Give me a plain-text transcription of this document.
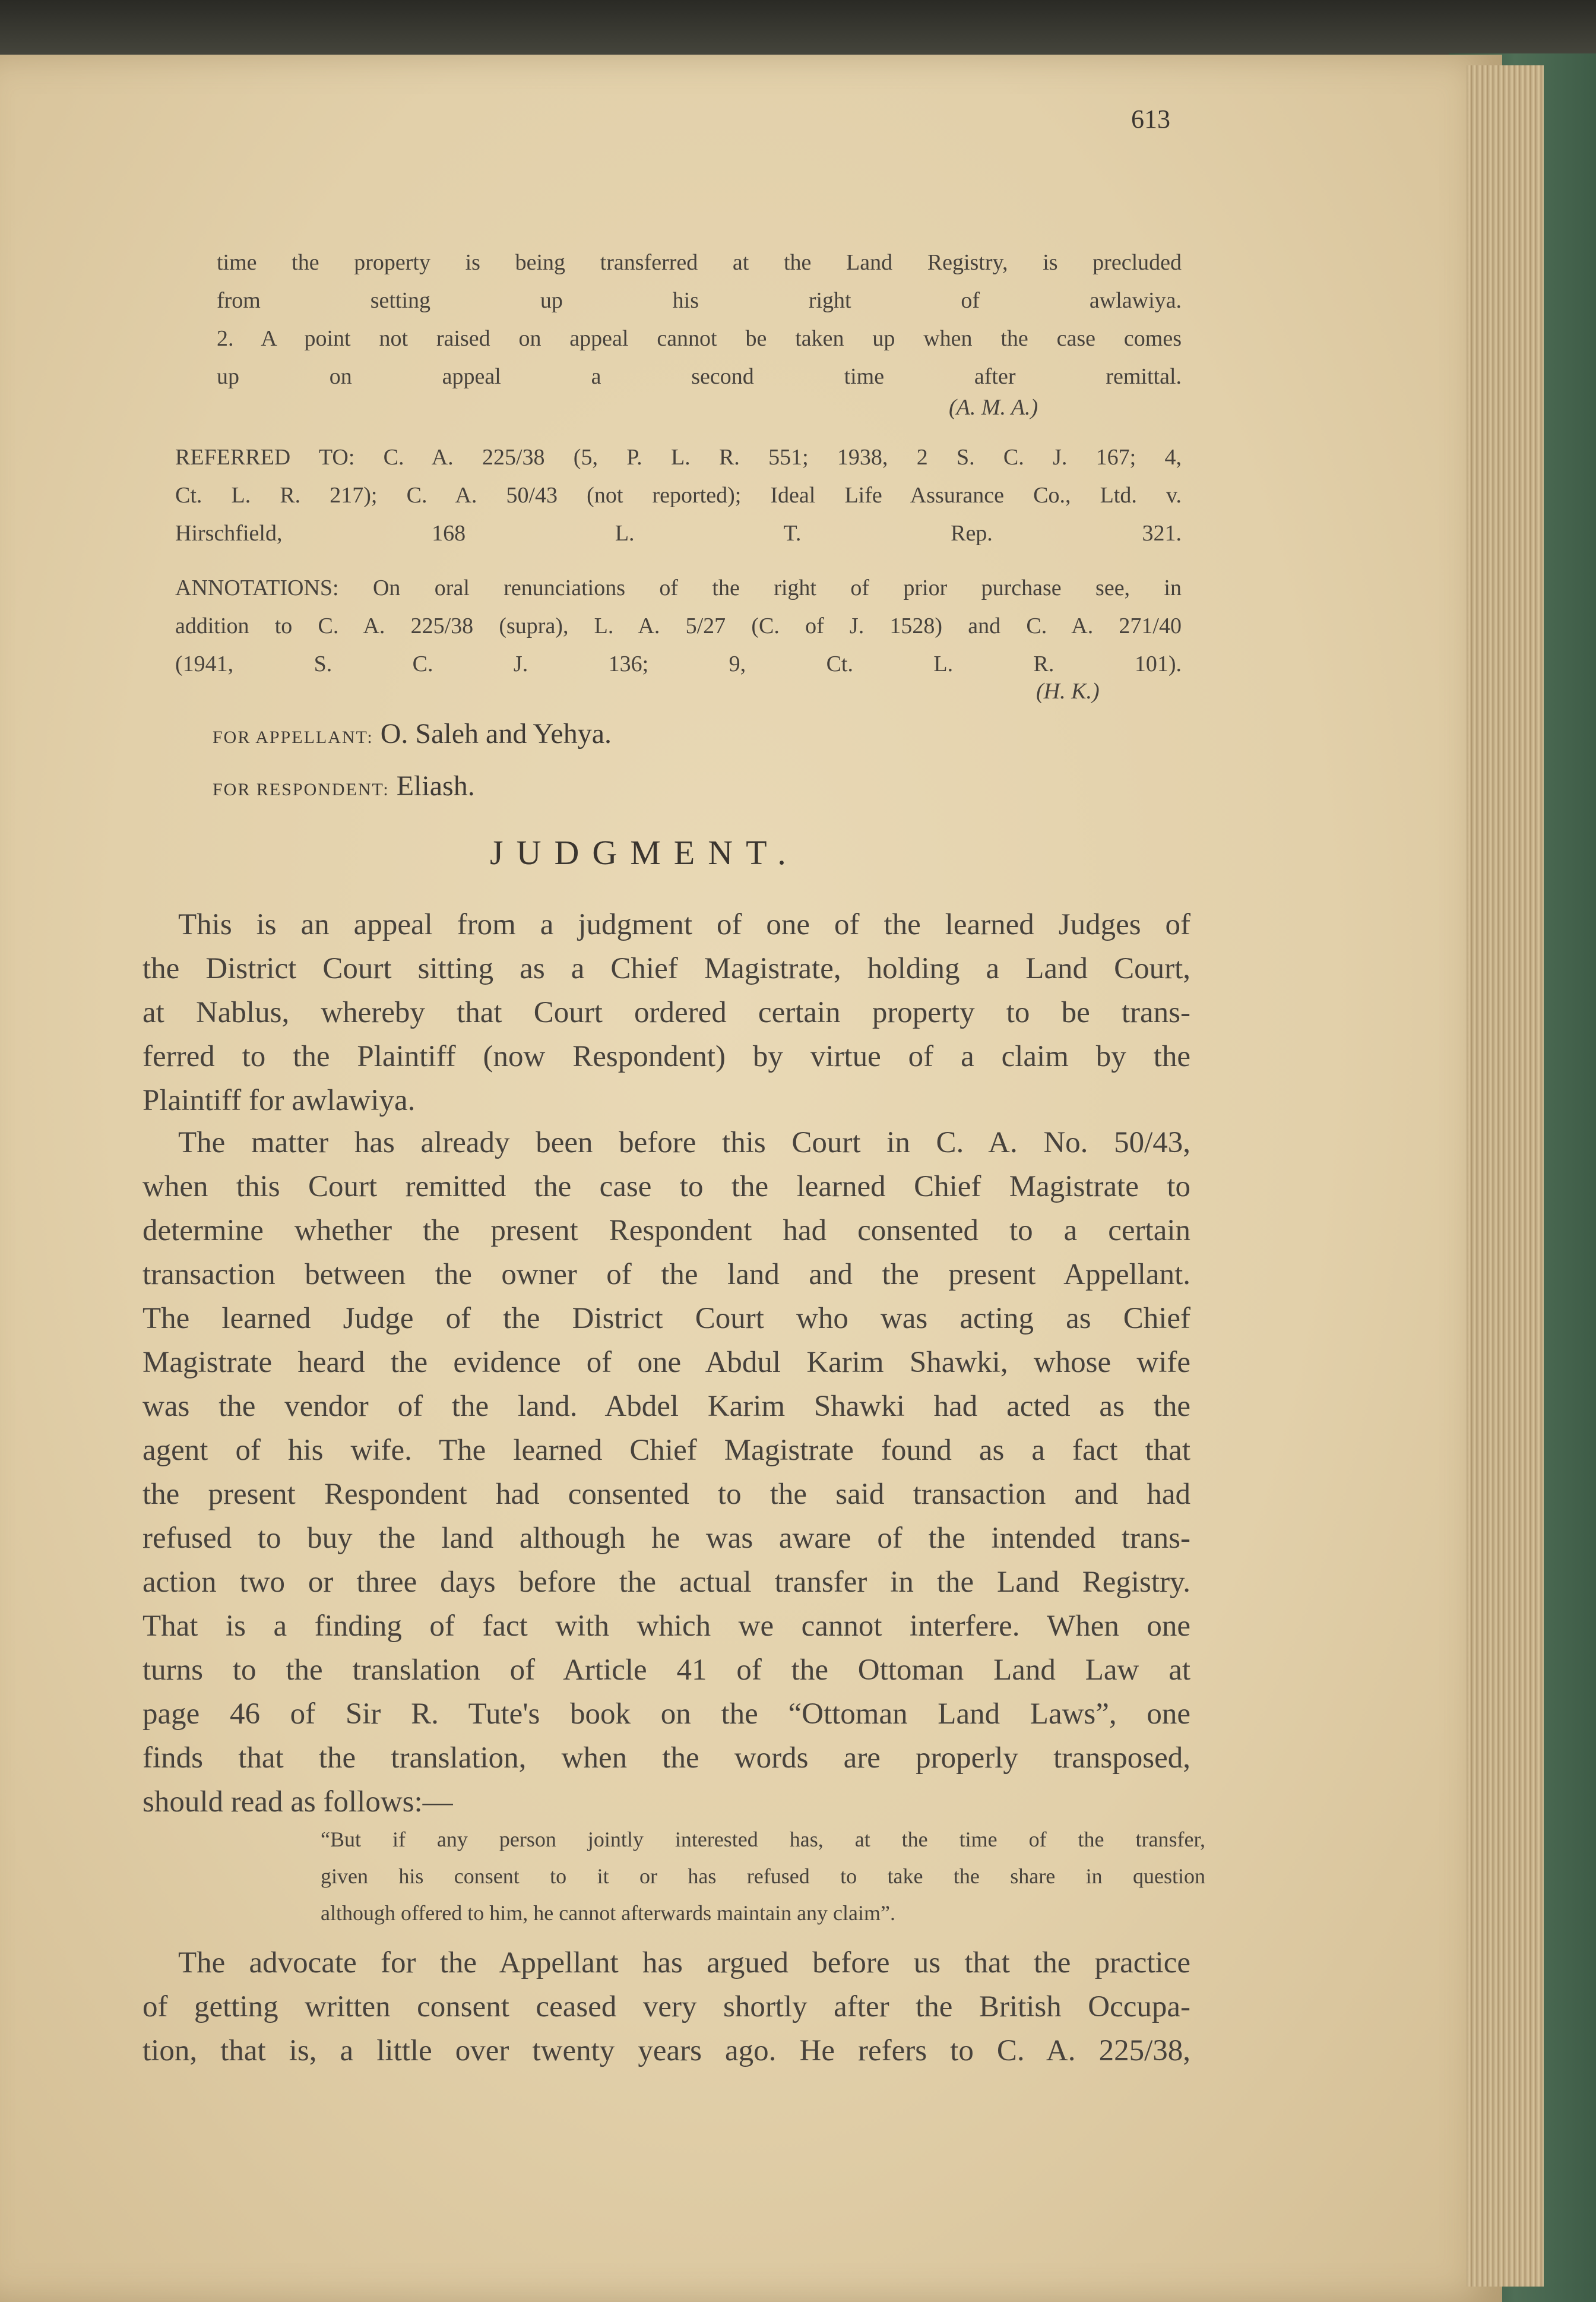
613
time the property is being transferred at the Land Registry, is precluded
from setting up his right of awlawiya.
2. A point not raised on appeal cannot be taken up when the case comes
up on appeal a second time after remittal.
(A. M. A.)
REFERRED TO: C. A. 225/38 (5, P. L. R. 551; 1938, 2 S. C. J. 167; 4,
Ct. L. R. 217); C. A. 50/43 (not reported); Ideal Life Assurance Co., Ltd. v.
Hirschfield, 168 L. T. Rep. 321.
ANNOTATIONS: On oral renunciations of the right of prior purchase see, in
addition to C. A. 225/38 (supra), L. A. 5/27 (C. of J. 1528) and C. A. 271/40
(1941, S. C. J. 136; 9, Ct. L. R. 101).
(H. K.)
FOR APPELLANT: O. Saleh and Yehya.
FOR RESPONDENT: Eliash.
JUDGMENT.
This is an appeal from a judgment of one of the learned Judges of
the District Court sitting as a Chief Magistrate, holding a Land Court,
at Nablus, whereby that Court ordered certain property to be trans-
ferred to the Plaintiff (now Respondent) by virtue of a claim by the
Plaintiff for awlawiya.
The matter has already been before this Court in C. A. No. 50/43,
when this Court remitted the case to the learned Chief Magistrate to
determine whether the present Respondent had consented to a certain
transaction between the owner of the land and the present Appellant.
The learned Judge of the District Court who was acting as Chief
Magistrate heard the evidence of one Abdul Karim Shawki, whose wife
was the vendor of the land. Abdel Karim Shawki had acted as the
agent of his wife. The learned Chief Magistrate found as a fact that
the present Respondent had consented to the said transaction and had
refused to buy the land although he was aware of the intended trans-
action two or three days before the actual transfer in the Land Registry.
That is a finding of fact with which we cannot interfere. When one
turns to the translation of Article 41 of the Ottoman Land Law at
page 46 of Sir R. Tute's book on the “Ottoman Land Laws”, one
finds that the translation, when the words are properly transposed,
should read as follows:—
“But if any person jointly interested has, at the time of the transfer,
given his consent to it or has refused to take the share in question
although offered to him, he cannot afterwards maintain any claim”.
The advocate for the Appellant has argued before us that the practice
of getting written consent ceased very shortly after the British Occupa-
tion, that is, a little over twenty years ago. He refers to C. A. 225/38,
